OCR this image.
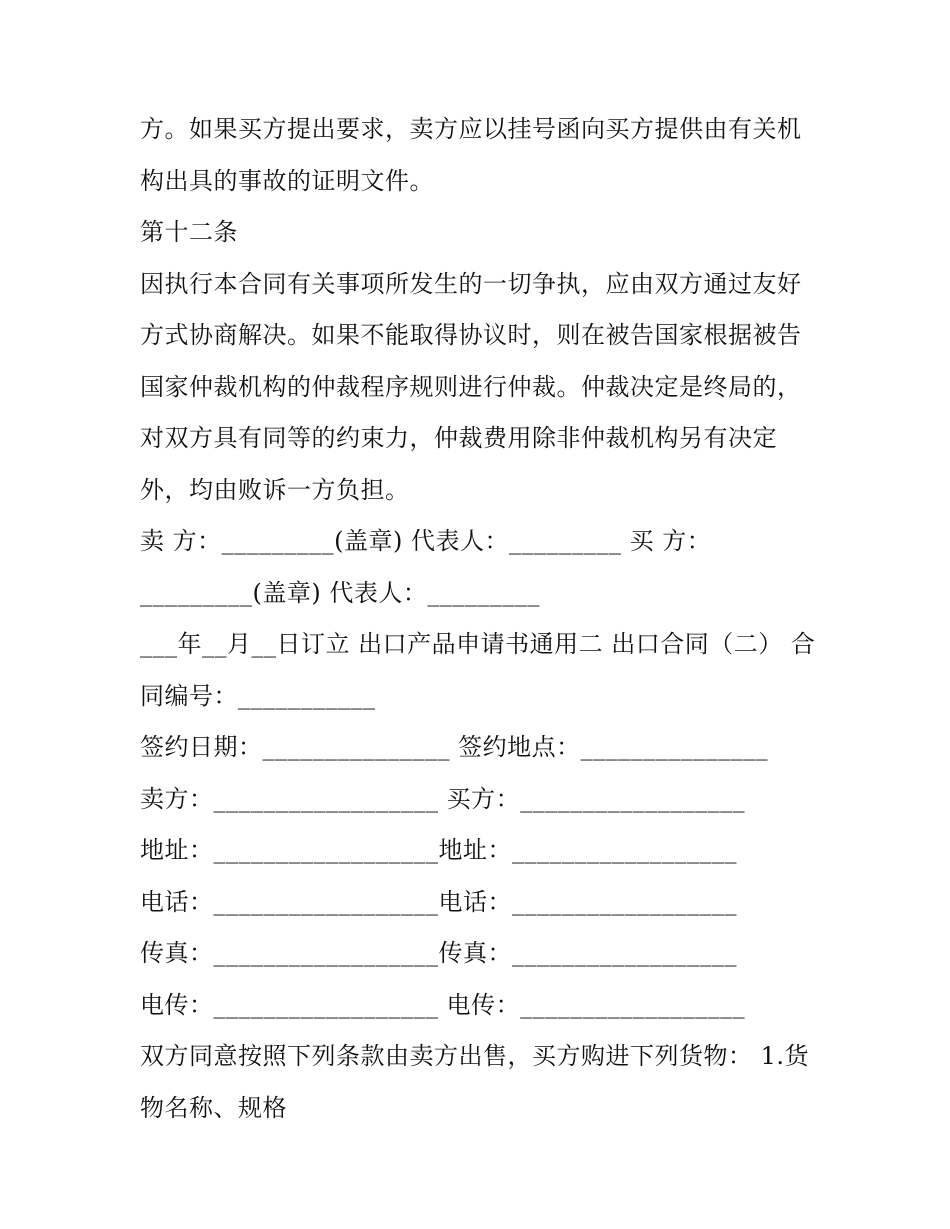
方。如果买方提出要求，卖方应以挂号函向买方提供由有关机
构出具的事故的证明文件。
第十二条
因执行本合同有关事项所发生的一切争执，应由双方通过友好
方式协商解决。如果不能取得协议时，则在被告国家根据被告
国家仲裁机构的仲裁程序规则进行仲裁。仲裁决定是终局的，
对双方具有同等的约束力，仲裁费用除非仲裁机构另有决定
外，均由败诉一方负担。
卖 方：_________(盖章) 代表人：_________ 买 方：
_________(盖章) 代表人：_________
___年__月__日订立 出口产品申请书通用二 出口合同（二） 合
同编号：___________
签约日期：_______________ 签约地点：_______________
卖方：__________________ 买方：__________________
地址：__________________地址：__________________
电话：__________________电话：__________________
传真：__________________传真：__________________
电传：__________________ 电传：__________________
双方同意按照下列条款由卖方出售，买方购进下列货物： 1.货
物名称、规格
